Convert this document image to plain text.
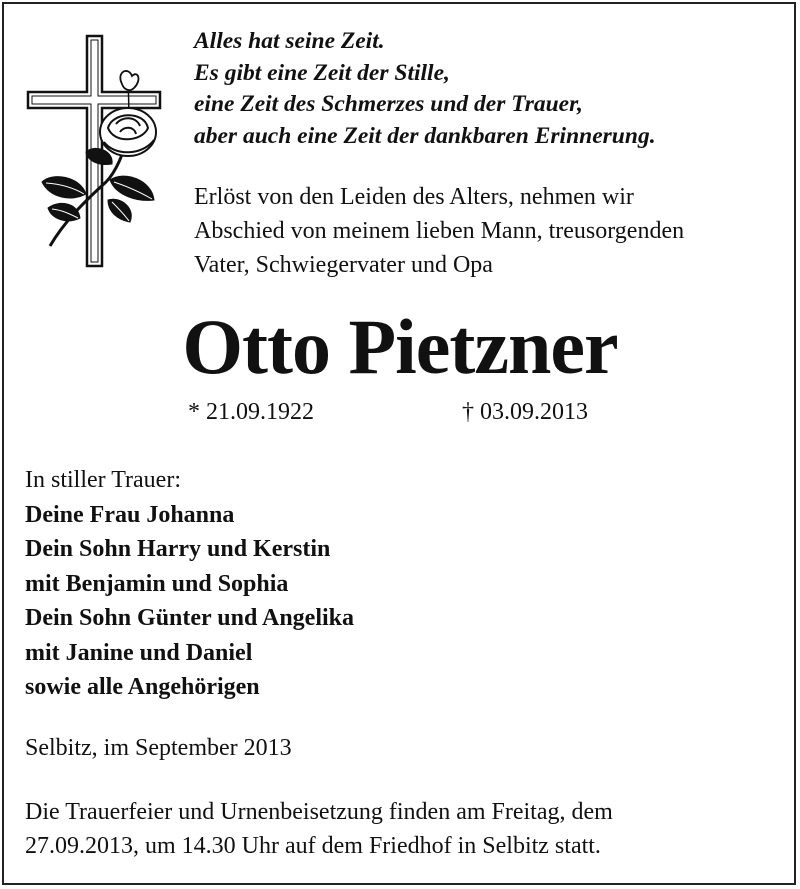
Alles hat seine Zeit.
Es gibt eine Zeit der Stille,
eine Zeit des Schmerzes und der Trauer,
aber auch eine Zeit der dankbaren Erinnerung.
Erlöst von den Leiden des Alters, nehmen wir
Abschied von meinem lieben Mann, treusorgenden
Vater, Schwiegervater und Opa
Otto Pietzner
* 21.09.1922	† 03.09.2013
In stiller Trauer:
Deine Frau Johanna
Dein Sohn Harry und Kerstin
mit Benjamin und Sophia
Dein Sohn Günter und Angelika
mit Janine und Daniel
sowie alle Angehörigen
Selbitz, im September 2013
Die Trauerfeier und Urnenbeisetzung finden am Freitag, dem
27.09.2013, um 14.30 Uhr auf dem Friedhof in Selbitz statt.
